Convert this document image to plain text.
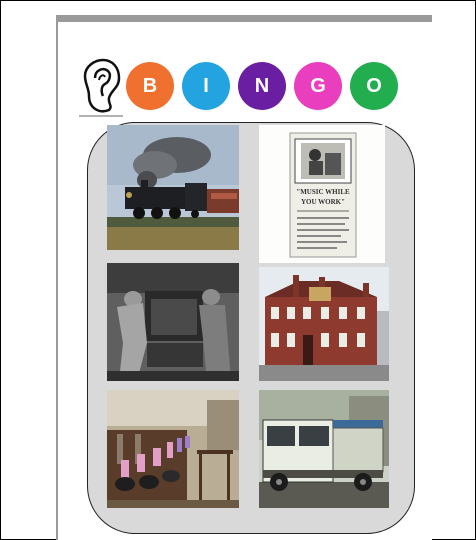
B I N G O
"MUSIC WHILE
YOU WORK"
